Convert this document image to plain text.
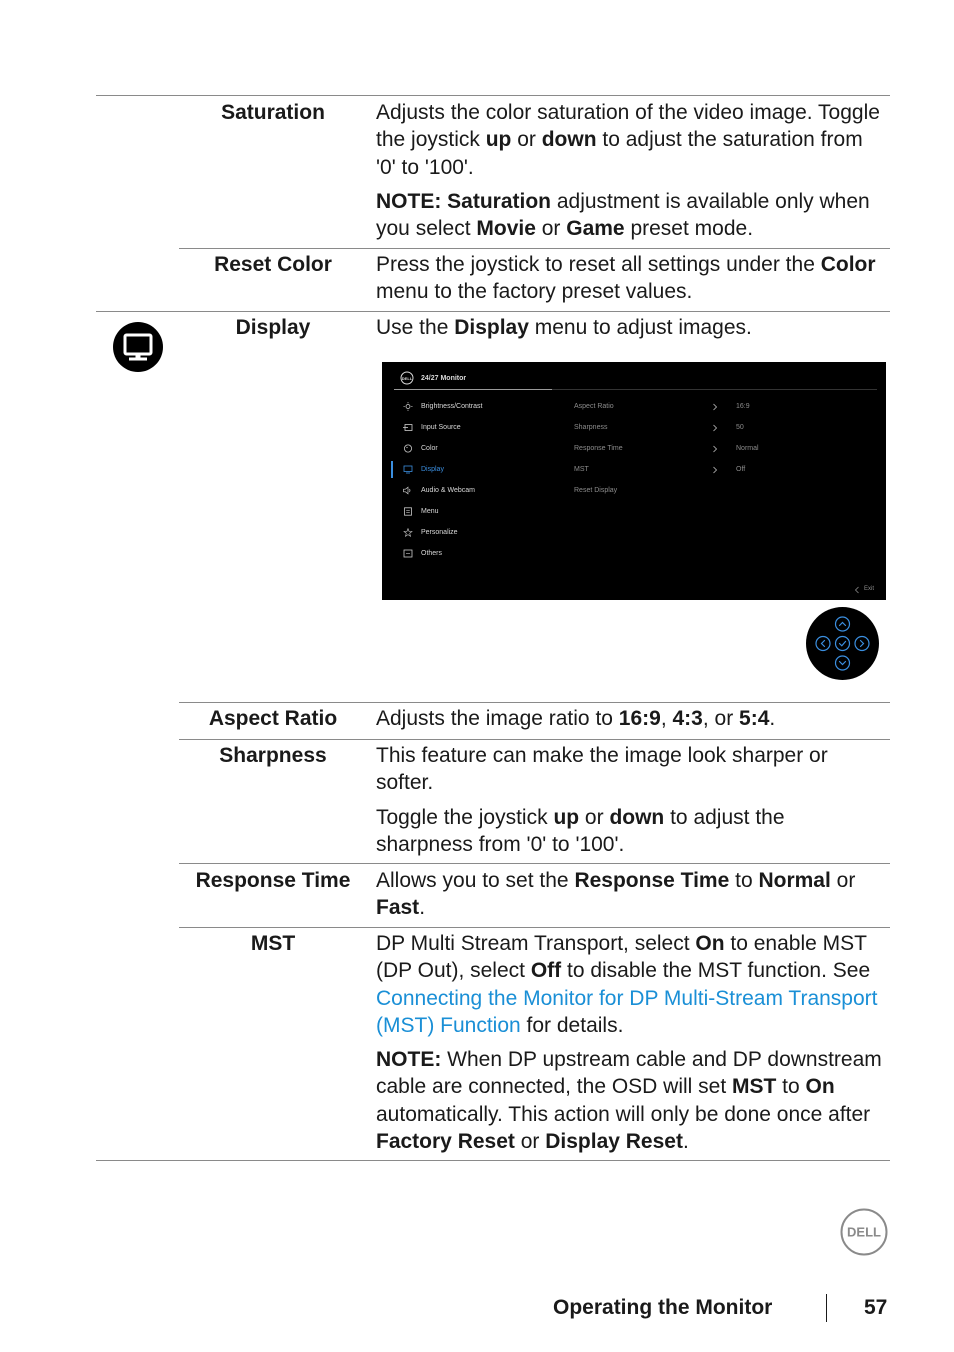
Saturation	Adjusts the color saturation of the video image. Toggle the joystick up or down to adjust the saturation from '0' to '100'.

NOTE: Saturation adjustment is available only when you select Movie or Game preset mode.

Reset Color	Press the joystick to reset all settings under the Color menu to the factory preset values.

Display	Use the Display menu to adjust images.

DELL 24/27 Monitor
Brightness/Contrast
Input Source
Color
Display
Audio & Webcam
Menu
Personalize
Others
Aspect Ratio
Sharpness
Response Time
MST
Reset Display
16:9
50
Normal
Off
Exit
Aspect Ratio	Adjusts the image ratio to 16:9, 4:3, or 5:4.

Sharpness	This feature can make the image look sharper or softer.

Toggle the joystick up or down to adjust the sharpness from '0' to '100'.

Response Time	Allows you to set the Response Time to Normal or Fast.

MST	DP Multi Stream Transport, select On to enable MST (DP Out), select Off to disable the MST function. See Connecting the Monitor for DP Multi-Stream Transport (MST) Function for details.

NOTE: When DP upstream cable and DP downstream cable are connected, the OSD will set MST to On automatically. This action will only be done once after Factory Reset or Display Reset.

DELL
Operating the Monitor	57
